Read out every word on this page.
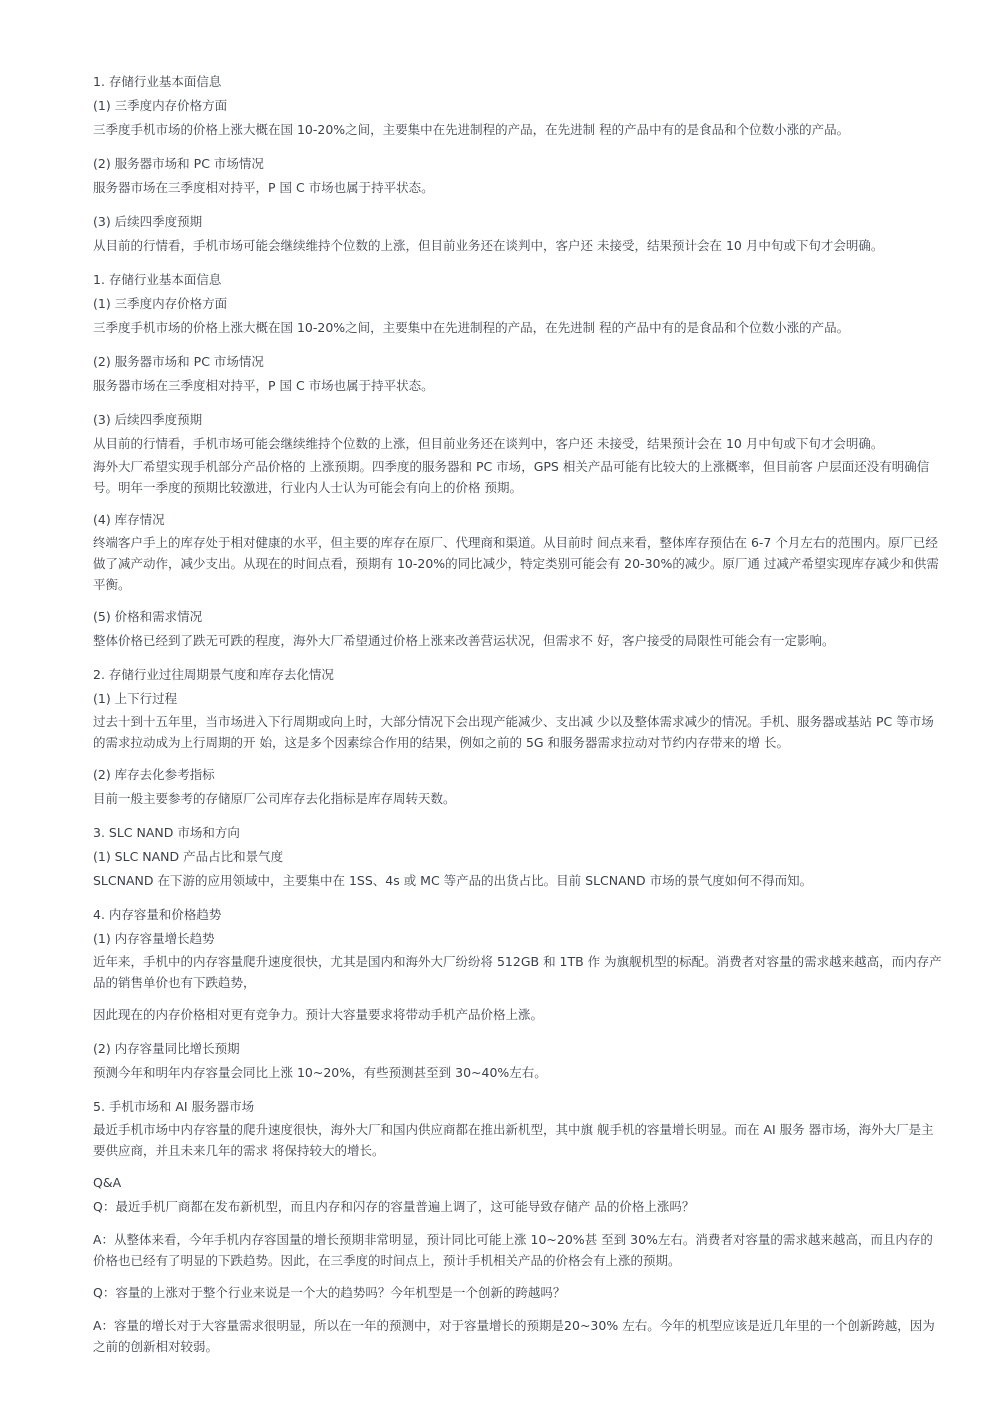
1. 存储行业基本面信息
(1) 三季度内存价格方面
三季度手机市场的价格上涨大概在国 10-20%之间，主要集中在先进制程的产品，在先进制 程的产品中有的是食品和个位数小涨的产品。
(2) 服务器市场和 PC 市场情况
服务器市场在三季度相对持平，P 国 C 市场也属于持平状态。
(3) 后续四季度预期
从目前的行情看，手机市场可能会继续维持个位数的上涨，但目前业务还在谈判中，客户还 未接受，结果预计会在 10 月中旬或下旬才会明确。
1. 存储行业基本面信息
(1) 三季度内存价格方面
三季度手机市场的价格上涨大概在国 10-20%之间，主要集中在先进制程的产品，在先进制 程的产品中有的是食品和个位数小涨的产品。
(2) 服务器市场和 PC 市场情况
服务器市场在三季度相对持平，P 国 C 市场也属于持平状态。
(3) 后续四季度预期
从目前的行情看，手机市场可能会继续维持个位数的上涨，但目前业务还在谈判中，客户还 未接受，结果预计会在 10 月中旬或下旬才会明确。
海外大厂希望实现手机部分产品价格的 上涨预期。四季度的服务器和 PC 市场，GPS 相关产品可能有比较大的上涨概率，但目前客 户层面还没有明确信号。明年一季度的预期比较激进，行业内人士认为可能会有向上的价格 预期。
(4) 库存情况
终端客户手上的库存处于相对健康的水平，但主要的库存在原厂、代理商和渠道。从目前时 间点来看，整体库存预估在 6-7 个月左右的范围内。原厂已经做了减产动作，减少支出。从现在的时间点看，预期有 10-20%的同比减少，特定类别可能会有 20-30%的减少。原厂通 过减产希望实现库存减少和供需平衡。
(5) 价格和需求情况
整体价格已经到了跌无可跌的程度，海外大厂希望通过价格上涨来改善营运状况，但需求不 好，客户接受的局限性可能会有一定影响。
2. 存储行业过往周期景气度和库存去化情况
(1) 上下行过程
过去十到十五年里，当市场进入下行周期或向上时，大部分情况下会出现产能减少、支出减 少以及整体需求减少的情况。手机、服务器或基站 PC 等市场的需求拉动成为上行周期的开 始，这是多个因素综合作用的结果，例如之前的 5G 和服务器需求拉动对节约内存带来的增 长。
(2) 库存去化参考指标
目前一般主要参考的存储原厂公司库存去化指标是库存周转天数。
3. SLC NAND 市场和方向
(1) SLC NAND 产品占比和景气度
SLCNAND 在下游的应用领域中，主要集中在 1SS、4s 或 MC 等产品的出货占比。目前 SLCNAND 市场的景气度如何不得而知。
4. 内存容量和价格趋势
(1) 内存容量增长趋势
近年来，手机中的内存容量爬升速度很快，尤其是国内和海外大厂纷纷将 512GB 和 1TB 作 为旗舰机型的标配。消费者对容量的需求越来越高，而内存产品的销售单价也有下跌趋势，
因此现在的内存价格相对更有竞争力。预计大容量要求将带动手机产品价格上涨。
(2) 内存容量同比增长预期
预测今年和明年内存容量会同比上涨 10~20%，有些预测甚至到 30~40%左右。
5. 手机市场和 AI 服务器市场
最近手机市场中内存容量的爬升速度很快，海外大厂和国内供应商都在推出新机型，其中旗 舰手机的容量增长明显。而在 AI 服务 器市场，海外大厂是主要供应商，并且未来几年的需求 将保持较大的增长。
Q&A
Q：最近手机厂商都在发布新机型，而且内存和闪存的容量普遍上调了，这可能导致存储产 品的价格上涨吗？
A：从整体来看，今年手机内存容国量的增长预期非常明显，预计同比可能上涨 10~20%甚 至到 30%左右。消费者对容量的需求越来越高，而且内存的价格也已经有了明显的下跌趋势。因此，在三季度的时间点上，预计手机相关产品的价格会有上涨的预期。
Q：容量的上涨对于整个行业来说是一个大的趋势吗？今年机型是一个创新的跨越吗？
A：容量的增长对于大容量需求很明显，所以在一年的预测中，对于容量增长的预期是20~30% 左右。今年的机型应该是近几年里的一个创新跨越，因为之前的创新相对较弱。
